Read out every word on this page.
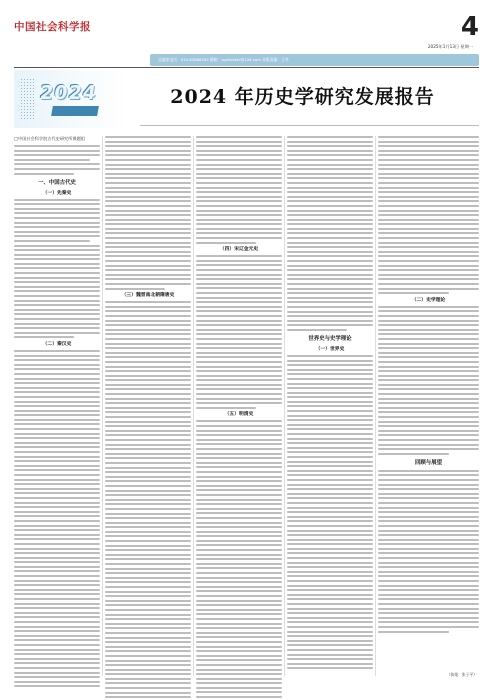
中国社会科学报	4
2025年1月13日 星期一
总编室电话：010-85886543 邮箱：zgshkxbtc@126.com 本版责编：王冬
2024	2024 年历史学研究发展报告
□中国社会科学院古代史研究所课题组
一、中国古代史
（一）先秦史
（二）秦汉史
（三）魏晋南北朝隋唐史
（四）宋辽金元史
（五）明清史
世界史与史学理论
（一）世界史
（二）史学理论
回顾与展望
（执笔：张子平）
